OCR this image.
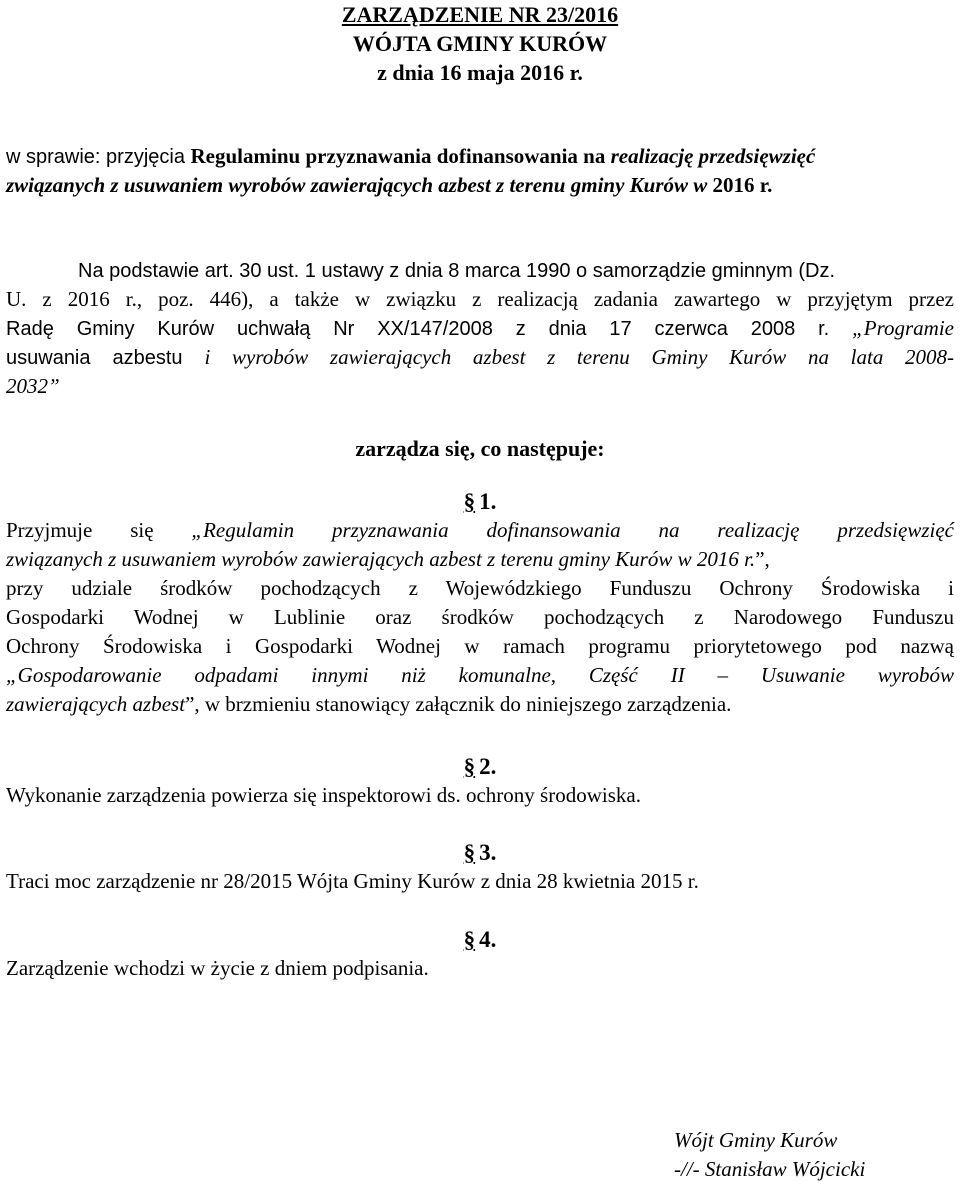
ZARZĄDZENIE NR 23/2016
WÓJTA GMINY KURÓW
z dnia 16 maja 2016 r.
w sprawie: przyjęcia Regulaminu przyznawania dofinansowania na realizację przedsięwzięć
związanych z usuwaniem wyrobów zawierających azbest z terenu gminy Kurów w 2016 r.
Na podstawie art. 30 ust. 1 ustawy z dnia 8 marca 1990 o samorządzie gminnym (Dz.
U. z 2016 r., poz. 446), a także w związku z realizacją zadania zawartego w przyjętym przez
Radę Gminy Kurów uchwałą Nr XX/147/2008 z dnia 17 czerwca 2008 r. „Programie
usuwania azbestu i wyrobów zawierających azbest z terenu Gminy Kurów na lata 2008-
2032”
zarządza się, co następuje:
§ 1.
Przyjmuje się „Regulamin przyznawania dofinansowania na realizację przedsięwzięć
związanych z usuwaniem wyrobów zawierających azbest z terenu gminy Kurów w 2016 r.”,
przy udziale środków pochodzących z Wojewódzkiego Funduszu Ochrony Środowiska i
Gospodarki Wodnej w Lublinie oraz środków pochodzących z Narodowego Funduszu
Ochrony Środowiska i Gospodarki Wodnej w ramach programu priorytetowego pod nazwą
„Gospodarowanie odpadami innymi niż komunalne, Część II – Usuwanie wyrobów
zawierających azbest”, w brzmieniu stanowiący załącznik do niniejszego zarządzenia.
§ 2.
Wykonanie zarządzenia powierza się inspektorowi ds. ochrony środowiska.
§ 3.
Traci moc zarządzenie nr 28/2015 Wójta Gminy Kurów z dnia 28 kwietnia 2015 r.
§ 4.
Zarządzenie wchodzi w życie z dniem podpisania.
Wójt Gminy Kurów
-//- Stanisław Wójcicki
